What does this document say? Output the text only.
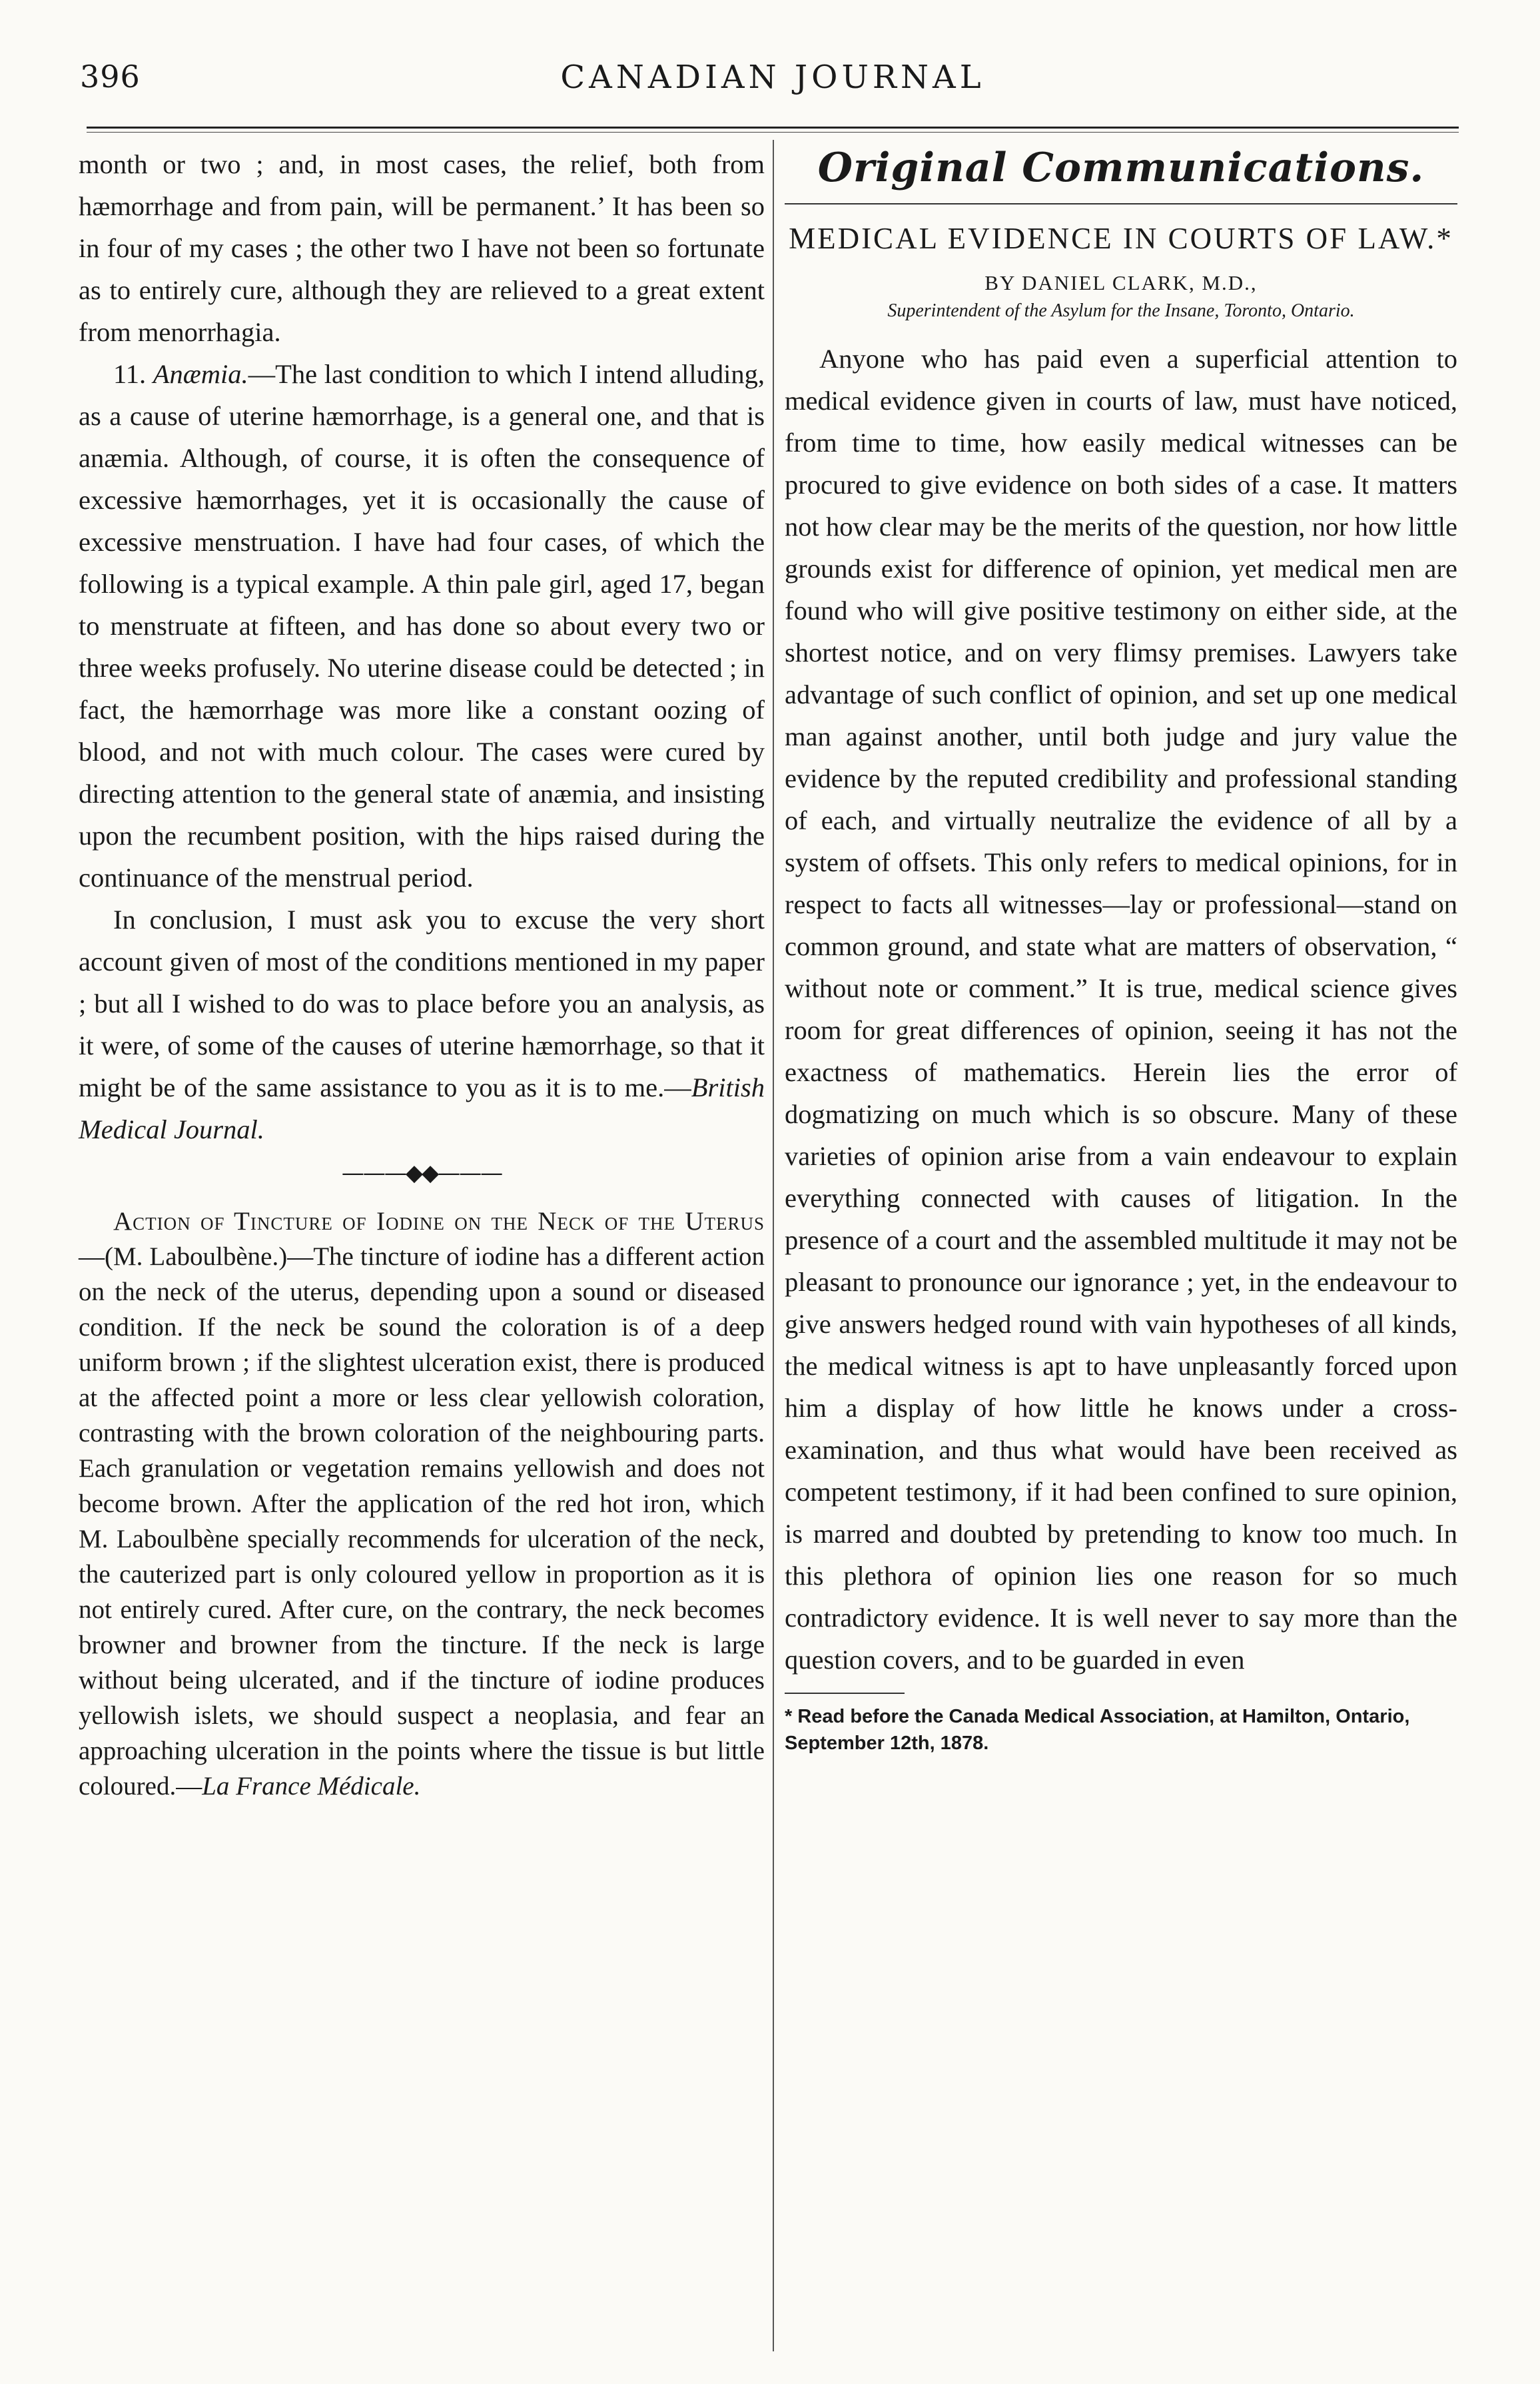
396	CANADIAN JOURNAL

month or two ; and, in most cases, the relief, both from hæmorrhage and from pain, will be permanent.’ It has been so in four of my cases ; the other two I have not been so fortunate as to entirely cure, although they are relieved to a great extent from menorrhagia.

11. Anæmia.—The last condition to which I intend alluding, as a cause of uterine hæmorrhage, is a general one, and that is anæmia. Although, of course, it is often the consequence of excessive hæmorrhages, yet it is occasionally the cause of excessive menstruation. I have had four cases, of which the following is a typical example. A thin pale girl, aged 17, began to menstruate at fifteen, and has done so about every two or three weeks profusely. No uterine disease could be detected ; in fact, the hæmorrhage was more like a constant oozing of blood, and not with much colour. The cases were cured by directing attention to the general state of anæmia, and insisting upon the recumbent position, with the hips raised during the continuance of the menstrual period.

In conclusion, I must ask you to excuse the very short account given of most of the conditions mentioned in my paper ; but all I wished to do was to place before you an analysis, as it were, of some of the causes of uterine hæmorrhage, so that it might be of the same assistance to you as it is to me.—British Medical Journal.

———◆◆———

Action of Tincture of Iodine on the Neck of the Uterus—(M. Laboulbène.)—The tincture of iodine has a different action on the neck of the uterus, depending upon a sound or diseased condition. If the neck be sound the coloration is of a deep uniform brown ; if the slightest ulceration exist, there is produced at the affected point a more or less clear yellowish coloration, contrasting with the brown coloration of the neighbouring parts. Each granulation or vegetation remains yellowish and does not become brown. After the application of the red hot iron, which M. Laboulbène specially recommends for ulceration of the neck, the cauterized part is only coloured yellow in proportion as it is not entirely cured. After cure, on the contrary, the neck becomes browner and browner from the tincture. If the neck is large without being ulcerated, and if the tincture of iodine produces yellowish islets, we should suspect a neoplasia, and fear an approaching ulceration in the points where the tissue is but little coloured.—La France Médicale.

Original Communications.
MEDICAL EVIDENCE IN COURTS OF LAW.*
BY DANIEL CLARK, M.D.,
Superintendent of the Asylum for the Insane, Toronto, Ontario.

Anyone who has paid even a superficial attention to medical evidence given in courts of law, must have noticed, from time to time, how easily medical witnesses can be procured to give evidence on both sides of a case. It matters not how clear may be the merits of the question, nor how little grounds exist for difference of opinion, yet medical men are found who will give positive testimony on either side, at the shortest notice, and on very flimsy premises. Lawyers take advantage of such conflict of opinion, and set up one medical man against another, until both judge and jury value the evidence by the reputed credibility and professional standing of each, and virtually neutralize the evidence of all by a system of offsets. This only refers to medical opinions, for in respect to facts all witnesses—lay or professional—stand on common ground, and state what are matters of observation, “ without note or comment.” It is true, medical science gives room for great differences of opinion, seeing it has not the exactness of mathematics. Herein lies the error of dogmatizing on much which is so obscure. Many of these varieties of opinion arise from a vain endeavour to explain everything connected with causes of litigation. In the presence of a court and the assembled multitude it may not be pleasant to pronounce our ignorance ; yet, in the endeavour to give answers hedged round with vain hypotheses of all kinds, the medical witness is apt to have unpleasantly forced upon him a display of how little he knows under a cross-examination, and thus what would have been received as competent testimony, if it had been confined to sure opinion, is marred and doubted by pretending to know too much. In this plethora of opinion lies one reason for so much contradictory evidence. It is well never to say more than the question covers, and to be guarded in even

* Read before the Canada Medical Association, at Hamilton, Ontario, September 12th, 1878.
